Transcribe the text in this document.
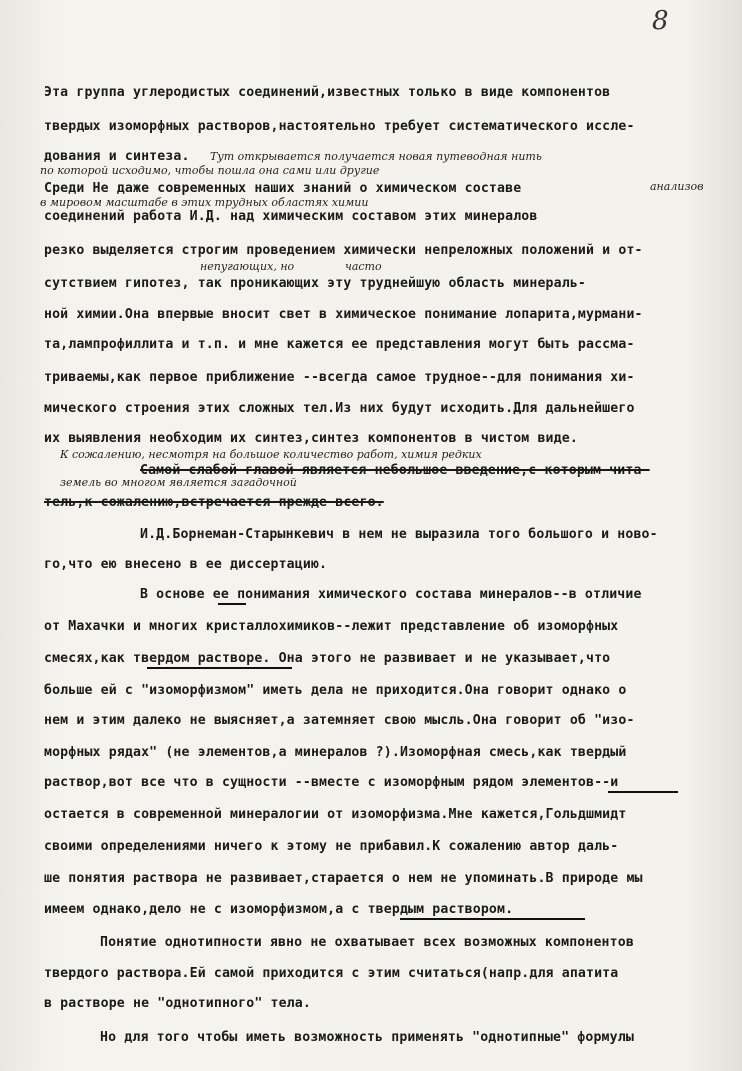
8
Эта группа углеродистых соединений,известных только в виде компонентов
твердых изоморфных растворов,настоятельно требует систематического иссле-
дования и синтеза.	Тут открывается получается новая путеводная нить
по которой исходимо, чтобы пошла она сами или другие
Среди Не даже современных наших знаний о химическом составе	анализов
в мировом масштабе в этих трудных областях химии
соединений работа И.Д. над химическим составом этих минералов
резко выделяется строгим проведением химически непреложных положений и от-
непугающих, но	часто
сутствием гипотез, так проникающих эту труднейшую область минераль-
ной химии.Она впервые вносит свет в химическое понимание лопарита,мурмани-
та,лампрофиллита и т.п. и мне кажется ее представления могут быть рассма-
триваемы,как первое приближение --всегда самое трудное--для понимания хи-
мического строения этих сложных тел.Из них будут исходить.Для дальнейшего
их выявления необходим их синтез,синтез компонентов в чистом виде.
К сожалению, несмотря на большое количество работ, химия редких
Самой слабой главой является небольшое введение,с которым чита-
земель во многом является загадочной
тель,к сожалению,встречается прежде всего.
И.Д.Борнеман-Старынкевич в нем не выразила того большого и ново-
го,что ею внесено в ее диссертацию.
В основе ее понимания химического состава минералов--в отличие
от Махачки и многих кристаллохимиков--лежит представление об изоморфных
смесях,как твердом растворе. Она этого не развивает и не указывает,что
больше ей с "изоморфизмом" иметь дела не приходится.Она говорит однако о
нем и этим далеко не выясняет,а затемняет свою мысль.Она говорит об "изо-
морфных рядах" (не элементов,а минералов ?).Изоморфная смесь,как твердый
раствор,вот все что в сущности --вместе с изоморфным рядом элементов--и
остается в современной минералогии от изоморфизма.Мне кажется,Гольдшмидт
своими определениями ничего к этому не прибавил.К сожалению автор даль-
ше понятия раствора не развивает,старается о нем не упоминать.В природе мы
имеем однако,дело не с изоморфизмом,а с твердым раствором.
Понятие однотипности явно не охватывает всех возможных компонентов
твердого раствора.Ей самой приходится с этим считаться(напр.для апатита
в растворе не "однотипного" тела.
Но для того чтобы иметь возможность применять "однотипные" формулы
